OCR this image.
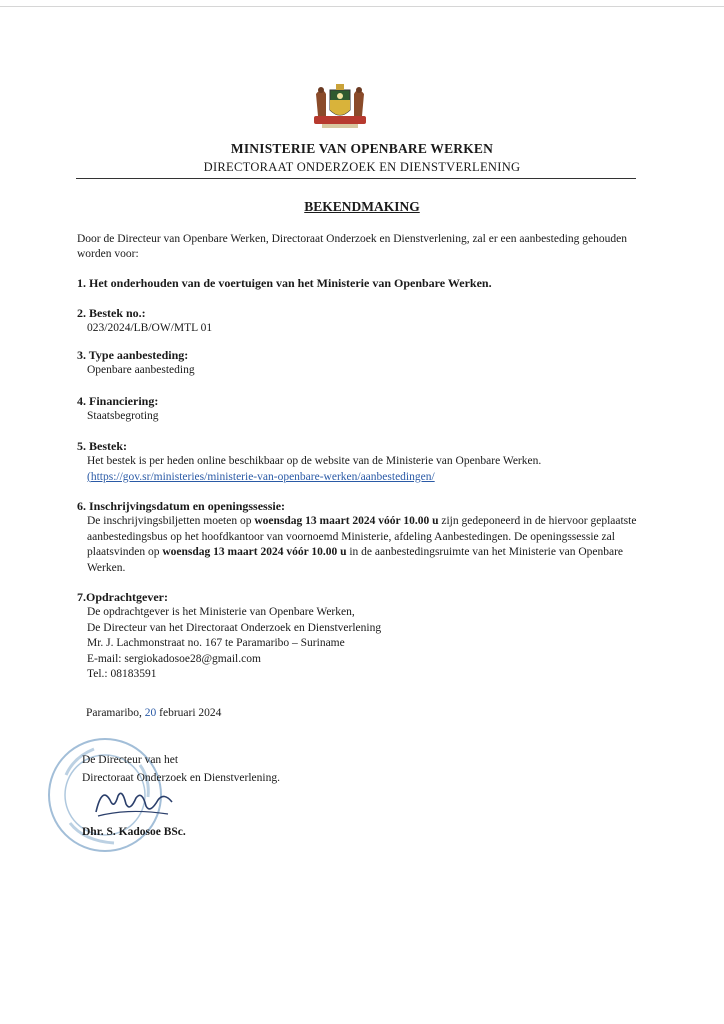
MINISTERIE VAN OPENBARE WERKEN
DIRECTORAAT ONDERZOEK EN DIENSTVERLENING
BEKENDMAKING
Door de Directeur van Openbare Werken, Directoraat Onderzoek en Dienstverlening, zal er een aanbesteding gehouden worden voor:
1. Het onderhouden van de voertuigen van het Ministerie van Openbare Werken.
2. Bestek no.:
023/2024/LB/OW/MTL 01
3. Type aanbesteding:
Openbare aanbesteding
4. Financiering:
Staatsbegroting
5. Bestek:
Het bestek is per heden online beschikbaar op de website van de Ministerie van Openbare Werken.
(https://gov.sr/ministeries/ministerie-van-openbare-werken/aanbestedingen/
6. Inschrijvingsdatum en openingssessie:
De inschrijvingsbiljetten moeten op woensdag 13 maart 2024 vóór 10.00 u zijn gedeponeerd in de hiervoor geplaatste aanbestedingsbus op het hoofdkantoor van voornoemd Ministerie, afdeling Aanbestedingen. De openingssessie zal plaatsvinden op woensdag 13 maart 2024 vóór 10.00 u in de aanbestedingsruimte van het Ministerie van Openbare Werken.
7.Opdrachtgever:
De opdrachtgever is het Ministerie van Openbare Werken,
De Directeur van het Directoraat Onderzoek en Dienstverlening
Mr. J. Lachmonstraat no. 167 te Paramaribo – Suriname
E-mail: sergiokadosoe28@gmail.com
Tel.: 08183591
Paramaribo, 20 februari 2024
De Directeur van het
Directoraat Onderzoek en Dienstverlening.
Dhr. S. Kadosoe BSc.
